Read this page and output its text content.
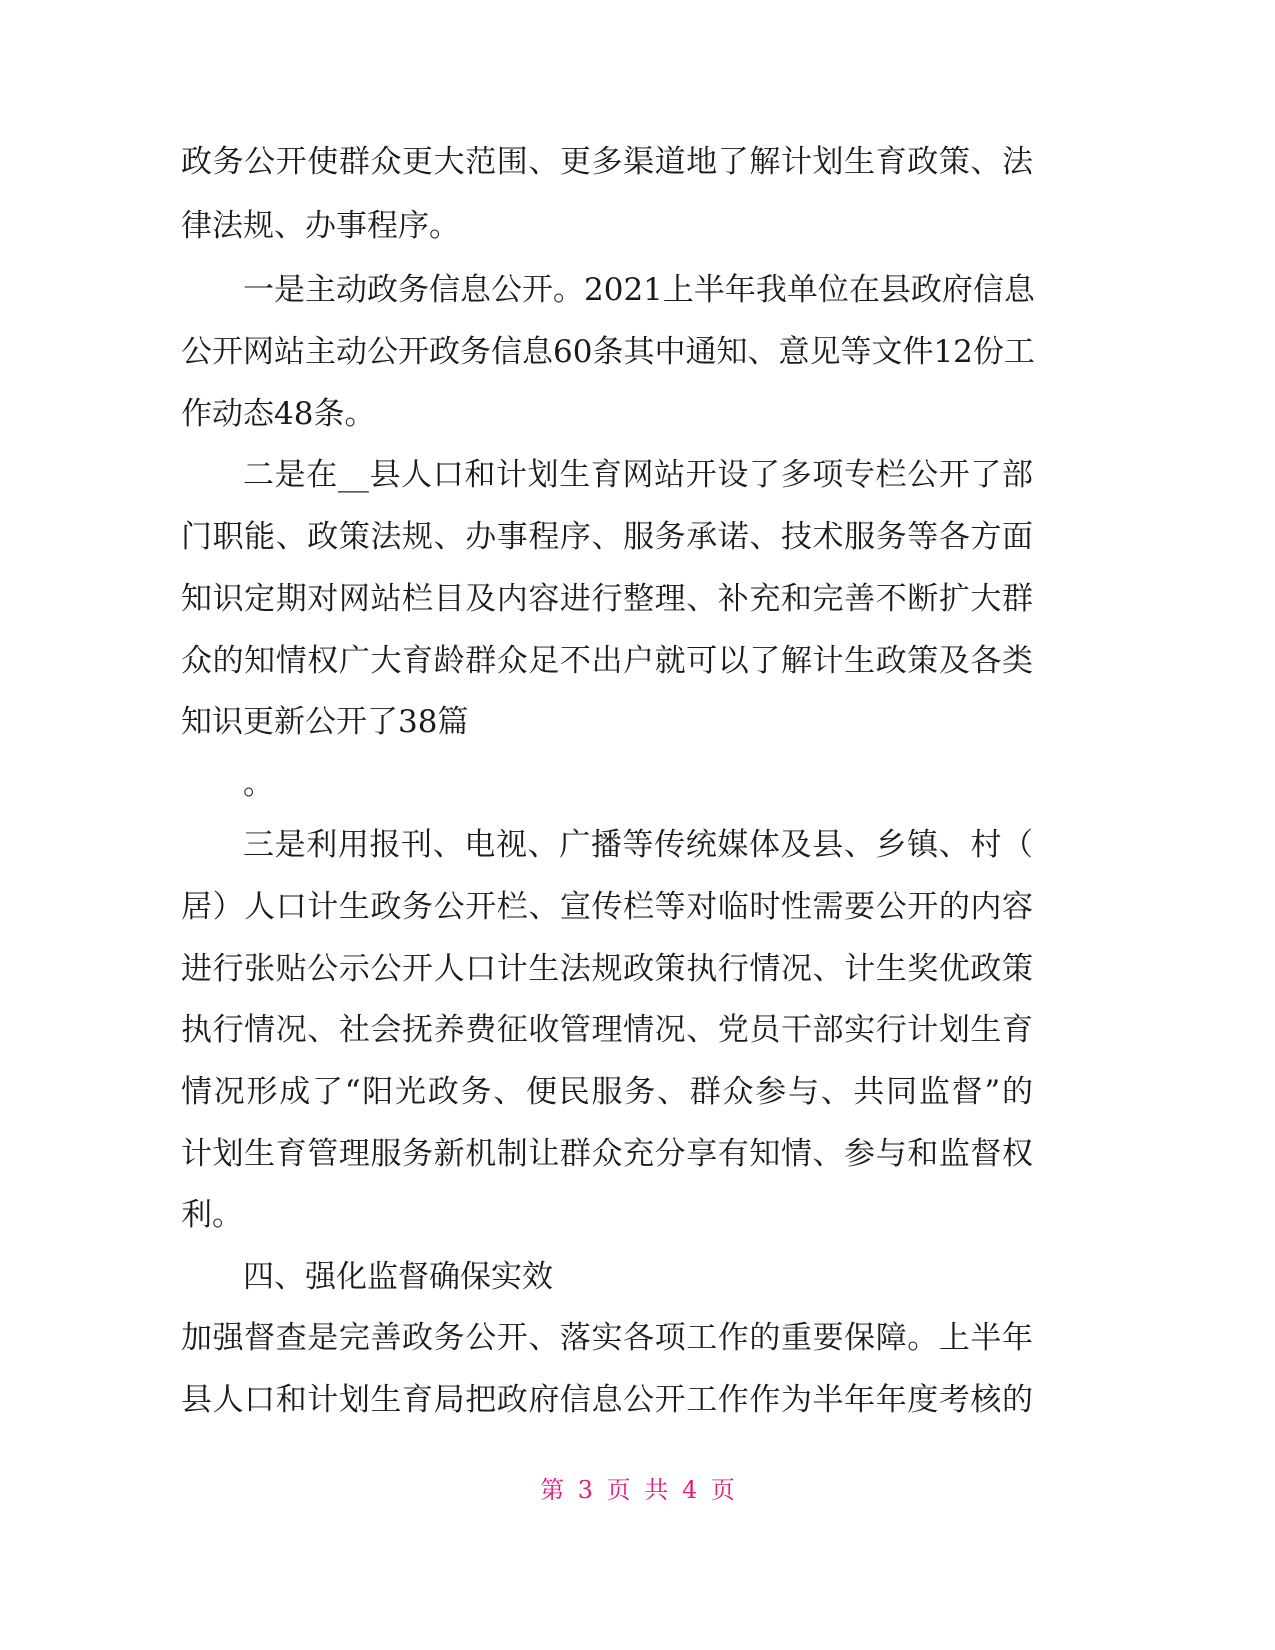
政务公开使群众更大范围、更多渠道地了解计划生育政策、法
律法规、办事程序。
一是主动政务信息公开。2021上半年我单位在县政府信息
公开网站主动公开政务信息60条其中通知、意见等文件12份工
作动态48条。
二是在__县人口和计划生育网站开设了多项专栏公开了部
门职能、政策法规、办事程序、服务承诺、技术服务等各方面
知识定期对网站栏目及内容进行整理、补充和完善不断扩大群
众的知情权广大育龄群众足不出户就可以了解计生政策及各类
知识更新公开了38篇
。
三是利用报刊、电视、广播等传统媒体及县、乡镇、村（
居）人口计生政务公开栏、宣传栏等对临时性需要公开的内容
进行张贴公示公开人口计生法规政策执行情况、计生奖优政策
执行情况、社会抚养费征收管理情况、党员干部实行计划生育
情况形成了“阳光政务、便民服务、群众参与、共同监督”的
计划生育管理服务新机制让群众充分享有知情、参与和监督权
利。
四、强化监督确保实效
加强督查是完善政务公开、落实各项工作的重要保障。上半年
县人口和计划生育局把政府信息公开工作作为半年年度考核的
第 3 页 共 4 页
